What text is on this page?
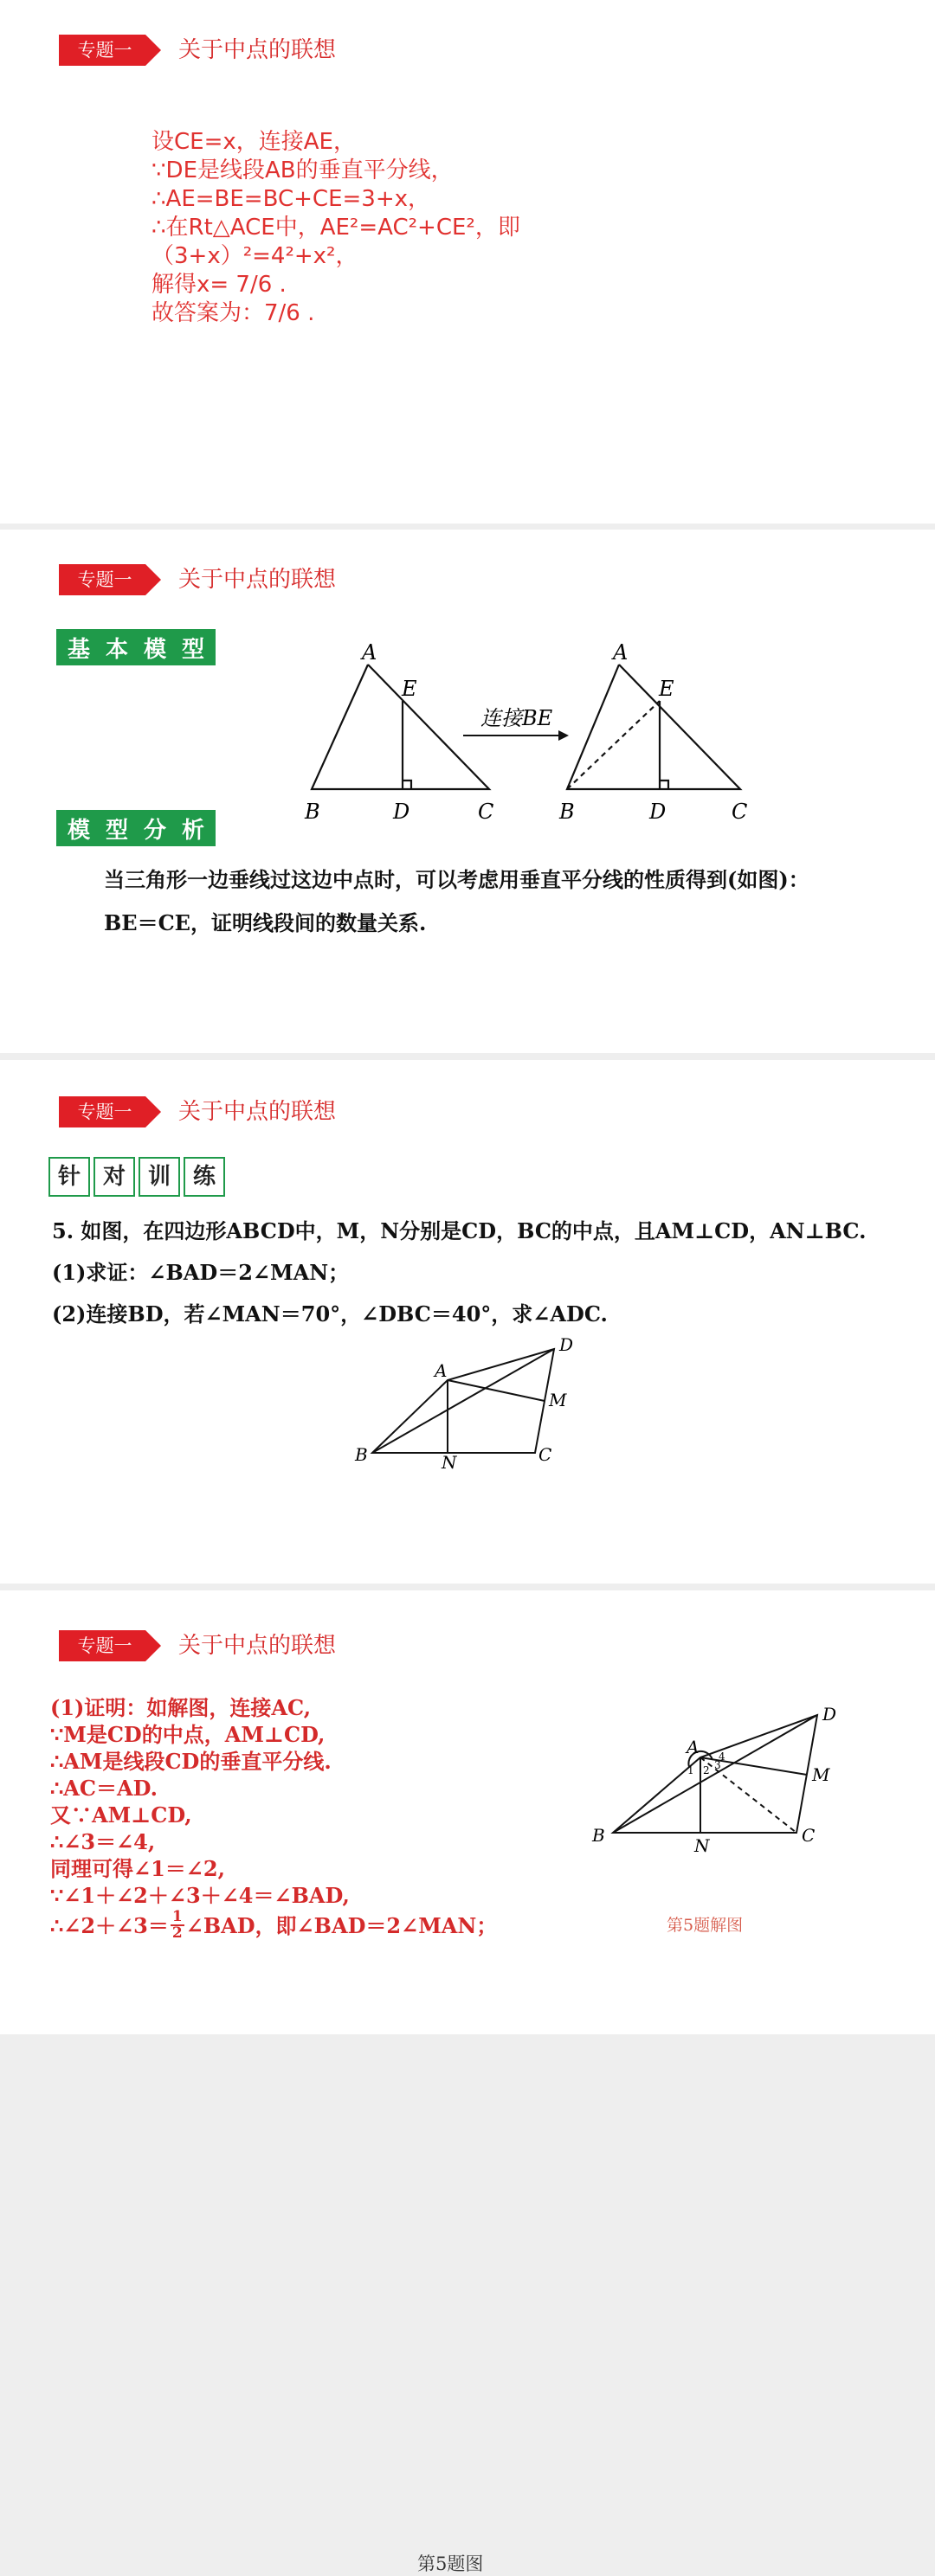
专题一	关于中点的联想
设CE=x，连接AE，
∵DE是线段AB的垂直平分线，
∴AE=BE=BC+CE=3+x，
∴在Rt△ACE中，AE²=AC²+CE²，即
（3+x）²=4²+x²，
解得x= 7/6 .
故答案为：7/6 .
专题一	关于中点的联想
基 本 模 型	A
E
B	D	C
连接BE
A
E
B	D	C
模 型 分 析
当三角形一边垂线过这边中点时，可以考虑用垂直平分线的性质得到(如图)：
BE＝CE，证明线段间的数量关系.
专题一	关于中点的联想
针 对 训 练
5. 如图，在四边形ABCD中，M，N分别是CD，BC的中点，且AM⊥CD，AN⊥BC.
(1)求证：∠BAD＝2∠MAN；
(2)连接BD，若∠MAN＝70°，∠DBC＝40°，求∠ADC.
A
D
M
B	C
N
第5题图
专题一	关于中点的联想
A
D
M
B	C
N
1 2 3
4
第5题解图
(1)证明：如解图，连接AC,
∵M是CD的中点，AM⊥CD,
∴AM是线段CD的垂直平分线.
∴AC＝AD.
又∵AM⊥CD,
∴∠3＝∠4,
同理可得∠1＝∠2,
∵∠1＋∠2＋∠3＋∠4＝∠BAD,
∴∠2＋∠3＝ 1
2 ∠BAD，即∠BAD＝2∠MAN；
